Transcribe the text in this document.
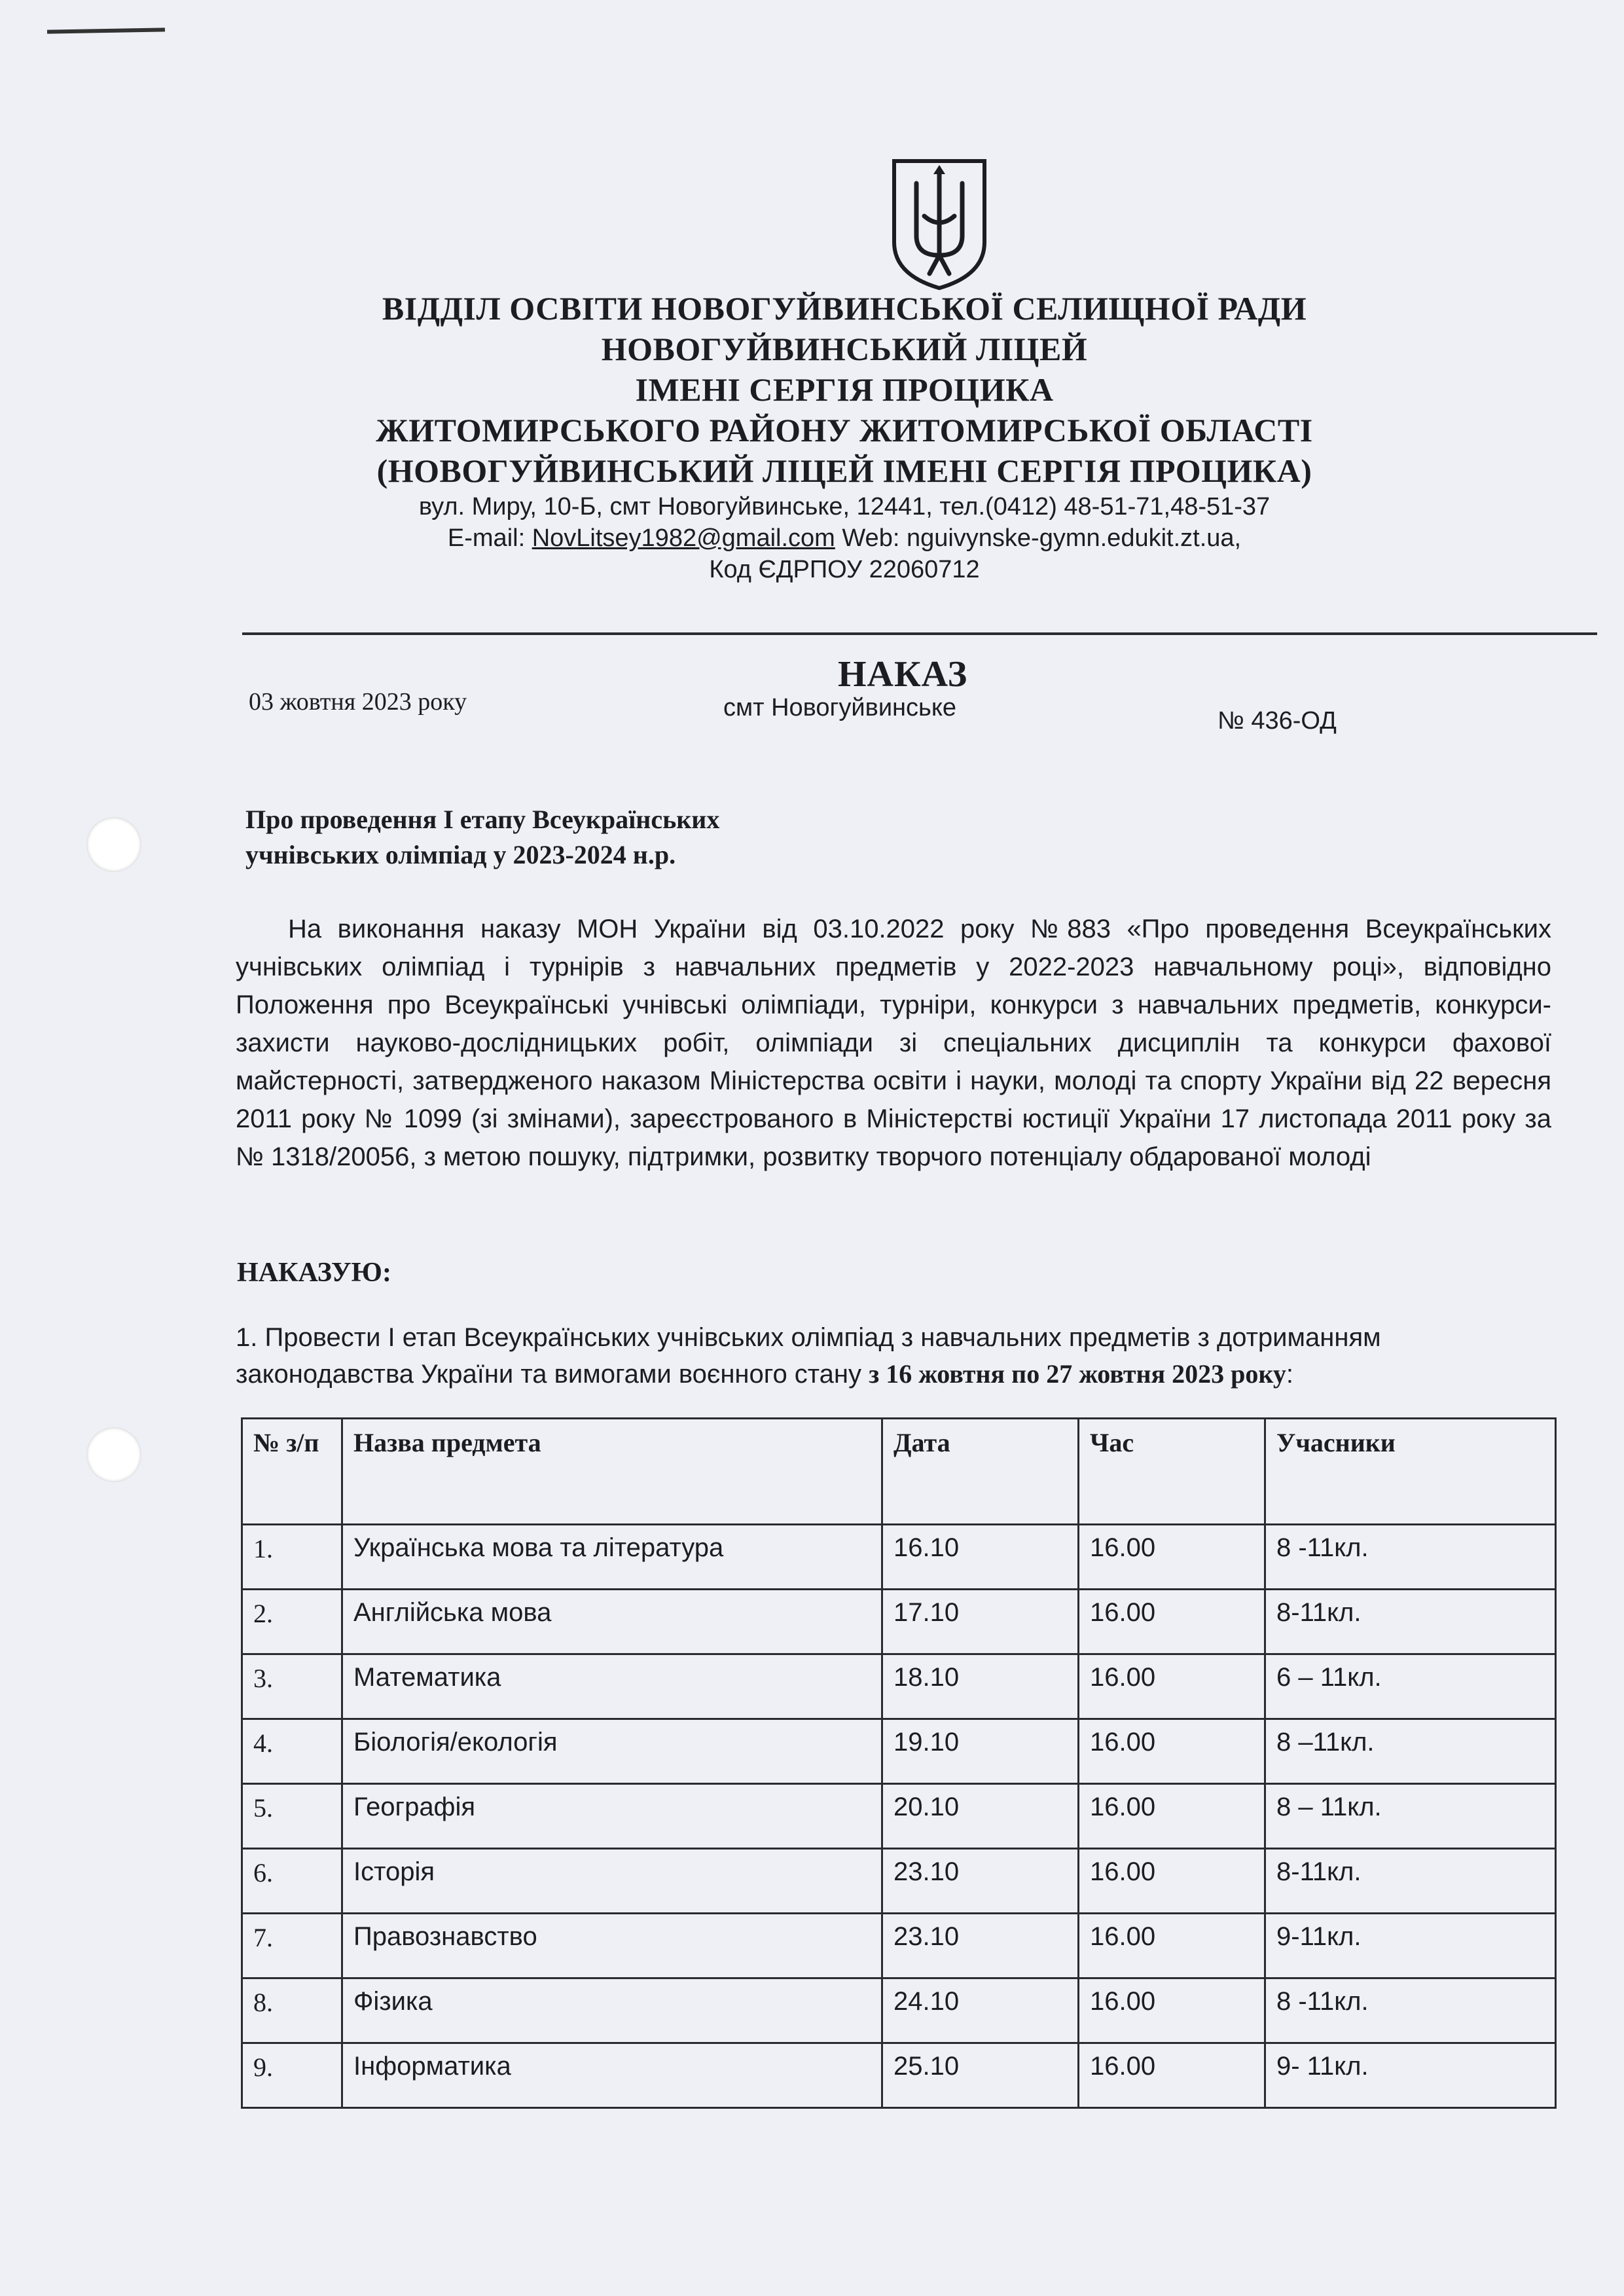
ВІДДІЛ ОСВІТИ НОВОГУЙВИНСЬКОЇ СЕЛИЩНОЇ РАДИ
НОВОГУЙВИНСЬКИЙ ЛІЦЕЙ
ІМЕНІ СЕРГІЯ ПРОЦИКА
ЖИТОМИРСЬКОГО РАЙОНУ ЖИТОМИРСЬКОЇ ОБЛАСТІ
(НОВОГУЙВИНСЬКИЙ ЛІЦЕЙ ІМЕНІ СЕРГІЯ ПРОЦИКА)
вул. Миру, 10-Б, смт Новогуйвинське, 12441, тел.(0412) 48-51-71,48-51-37
E-mail: NovLitsey1982@gmail.com Web: nguivynske-gymn.edukit.zt.ua,
Код ЄДРПОУ 22060712
НАКАЗ
03 жовтня 2023 року	смт Новогуйвинське	№ 436-ОД
Про проведення І етапу Всеукраїнських
учнівських олімпіад у 2023-2024 н.р.
На виконання наказу МОН України від 03.10.2022 року №883 «Про проведення Всеукраїнських учнівських олімпіад і турнірів з навчальних предметів у 2022-2023 навчальному році», відповідно Положення про Всеукраїнські учнівські олімпіади, турніри, конкурси з навчальних предметів, конкурси-захисти науково-дослідницьких робіт, олімпіади зі спеціальних дисциплін та конкурси фахової майстерності, затвердженого наказом Міністерства освіти і науки, молоді та спорту України від 22 вересня 2011 року № 1099 (зі змінами), зареєстрованого в Міністерстві юстиції України 17 листопада 2011 року за № 1318/20056, з метою пошуку, підтримки, розвитку творчого потенціалу обдарованої молоді
НАКАЗУЮ:
1. Провести І етап Всеукраїнських учнівських олімпіад з навчальних предметів з дотриманням законодавства України та вимогами воєнного стану з 16 жовтня по 27 жовтня 2023 року:
№ з/п	Назва предмета	Дата	Час	Учасники
1.	Українська мова та література	16.10	16.00	8 -11кл.
2.	Англійська мова	17.10	16.00	8-11кл.
3.	Математика	18.10	16.00	6 – 11кл.
4.	Біологія/екологія	19.10	16.00	8 –11кл.
5.	Географія	20.10	16.00	8 – 11кл.
6.	Історія	23.10	16.00	8-11кл.
7.	Правознавство	23.10	16.00	9-11кл.
8.	Фізика	24.10	16.00	8 -11кл.
9.	Інформатика	25.10	16.00	9- 11кл.
